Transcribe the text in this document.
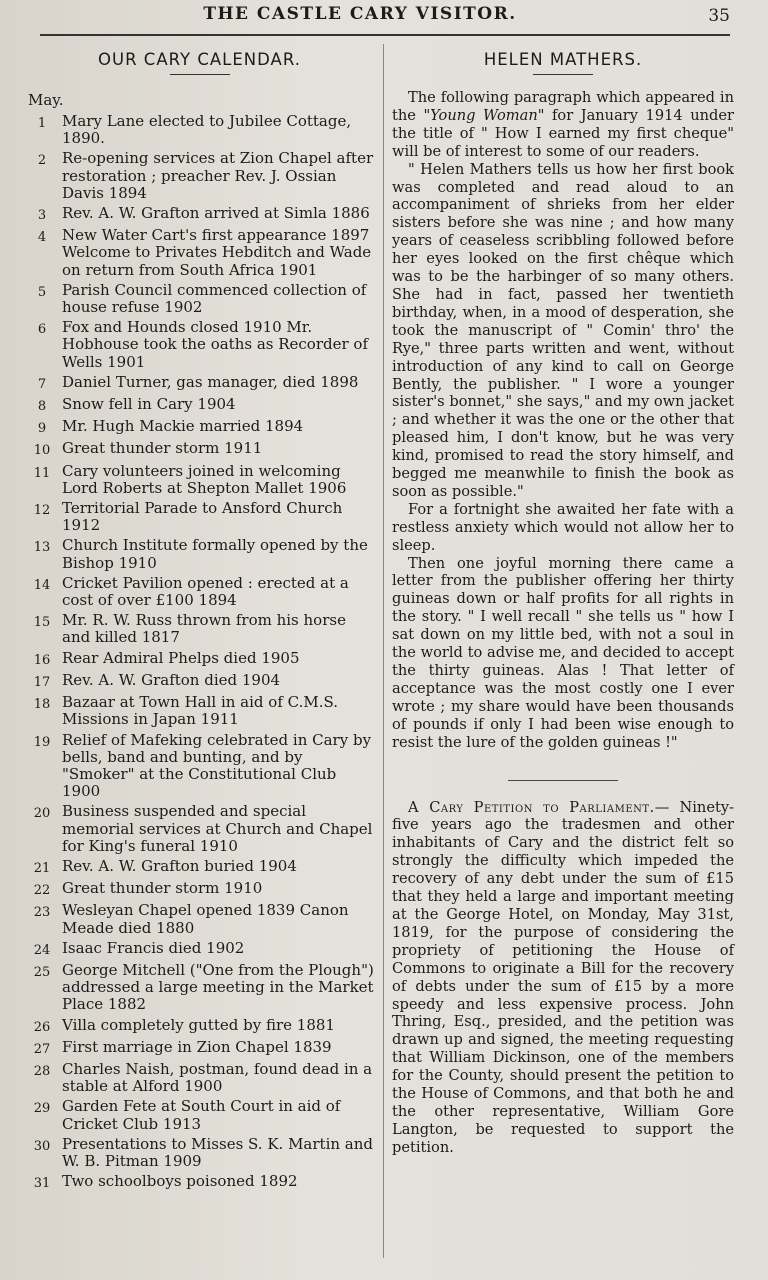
THE CASTLE CARY VISITOR.	35
OUR CARY CALENDAR.
May.
1	Mary Lane elected to Jubilee Cottage, 1890.
2	Re-opening services at Zion Chapel after restoration ; preacher Rev. J. Ossian Davis 1894
3	Rev. A. W. Grafton arrived at Simla 1886
4	New Water Cart's first appearance 1897 Welcome to Privates Hebditch and Wade on return from South Africa 1901
5	Parish Council commenced collection of house refuse 1902
6	Fox and Hounds closed 1910 Mr. Hobhouse took the oaths as Recorder of Wells 1901
7	Daniel Turner, gas manager, died 1898
8	Snow fell in Cary 1904
9	Mr. Hugh Mackie married 1894
10 Great thunder storm 1911
11 Cary volunteers joined in welcoming Lord Roberts at Shepton Mallet 1906
12 Territorial Parade to Ansford Church 1912
13 Church Institute formally opened by the Bishop 1910
14 Cricket Pavilion opened : erected at a cost of over £100 1894
15 Mr. R. W. Russ thrown from his horse and killed 1817
16 Rear Admiral Phelps died 1905
17 Rev. A. W. Grafton died 1904
18 Bazaar at Town Hall in aid of C.M.S. Missions in Japan 1911
19 Relief of Mafeking celebrated in Cary by bells, band and bunting, and by "Smoker" at the Constitutional Club 1900
20 Business suspended and special memorial services at Church and Chapel for King's funeral 1910
21 Rev. A. W. Grafton buried 1904
22 Great thunder storm 1910
23 Wesleyan Chapel opened 1839 Canon Meade died 1880
24 Isaac Francis died 1902
25 George Mitchell ("One from the Plough") addressed a large meeting in the Market Place 1882
26 Villa completely gutted by fire 1881
27 First marriage in Zion Chapel 1839
28 Charles Naish, postman, found dead in a stable at Alford 1900
29 Garden Fete at South Court in aid of Cricket Club 1913
30 Presentations to Misses S. K. Martin and W. B. Pitman 1909
31 Two schoolboys poisoned 1892
HELEN MATHERS.

The following paragraph which appeared in the "Young Woman" for January 1914 under the title of " How I earned my first cheque" will be of interest to some of our readers.

" Helen Mathers tells us how her first book was completed and read aloud to an accompaniment of shrieks from her elder sisters before she was nine ; and how many years of ceaseless scribbling followed before her eyes looked on the first chêque which was to be the harbinger of so many others. She had in fact, passed her twentieth birthday, when, in a mood of desperation, she took the manuscript of " Comin' thro' the Rye," three parts written and went, without introduction of any kind to call on George Bently, the publisher. " I wore a younger sister's bonnet," she says," and my own jacket ; and whether it was the one or the other that pleased him, I don't know, but he was very kind, promised to read the story himself, and begged me meanwhile to finish the book as soon as possible."

For a fortnight she awaited her fate with a restless anxiety which would not allow her to sleep.

Then one joyful morning there came a letter from the publisher offering her thirty guineas down or half profits for all rights in the story. " I well recall " she tells us " how I sat down on my little bed, with not a soul in the world to advise me, and decided to accept the thirty guineas. Alas ! That letter of acceptance was the most costly one I ever wrote ; my share would have been thousands of pounds if only I had been wise enough to resist the lure of the golden guineas !"

A Cary Petition to Parliament.— Ninety-five years ago the tradesmen and other inhabitants of Cary and the district felt so strongly the difficulty which impeded the recovery of any debt under the sum of £15 that they held a large and important meeting at the George Hotel, on Monday, May 31st, 1819, for the purpose of considering the propriety of petitioning the House of Commons to originate a Bill for the recovery of debts under the sum of £15 by a more speedy and less expensive process. John Thring, Esq., presided, and the petition was drawn up and signed, the meeting requesting that William Dickinson, one of the members for the County, should present the petition to the House of Commons, and that both he and the other representative, William Gore Langton, be requested to support the petition.
